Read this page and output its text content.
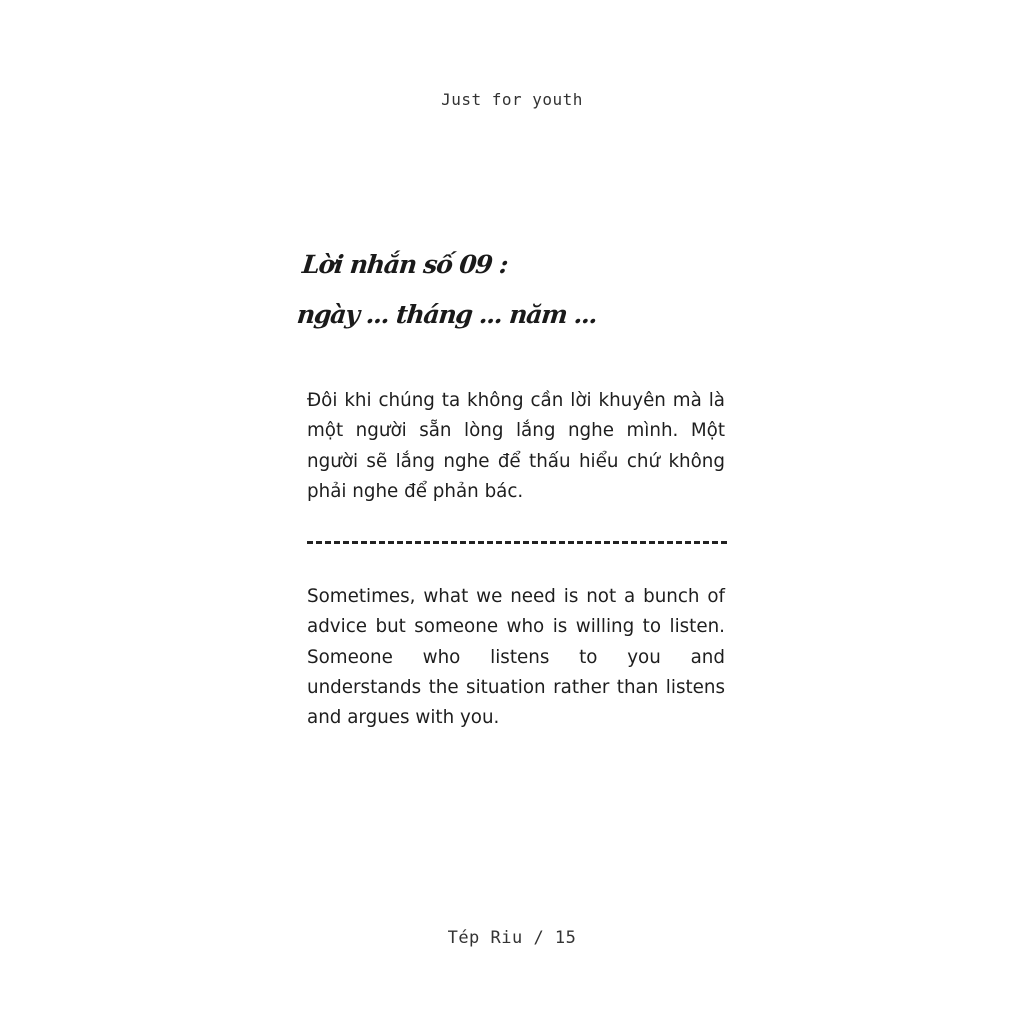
Just for youth
Lời nhắn số 09 :
ngày ... tháng ... năm ...

Đôi khi chúng ta không cần lời khuyên mà là một người sẵn lòng lắng nghe mình. Một người sẽ lắng nghe để thấu hiểu chứ không phải nghe để phản bác.

Sometimes, what we need is not a bunch of advice but someone who is willing to listen. Someone who listens to you and understands the situation rather than listens and argues with you.

Tép Riu / 15
